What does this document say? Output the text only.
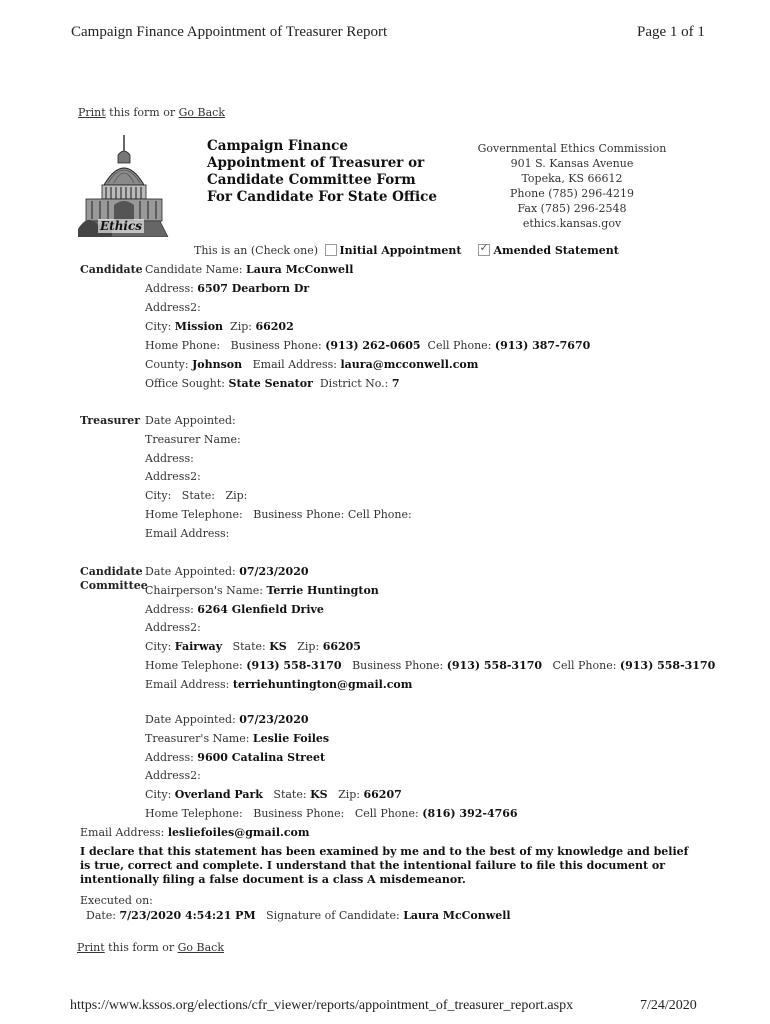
Campaign Finance Appointment of Treasurer Report	Page 1 of 1
Print this form or Go Back
Ethics
Campaign Finance
Appointment of Treasurer or
Candidate Committee Form
For Candidate For State Office
Governmental Ethics Commission
901 S. Kansas Avenue
Topeka, KS 66612
Phone (785) 296-4219
Fax (785) 296-2548
ethics.kansas.gov
This is an (Check one) Initial Appointment    ✓	Amended Statement
Candidate Candidate Name: Laura McConwell
Address: 6507 Dearborn Dr
Address2:
City: Mission Zip: 66202
Home Phone: Business Phone: (913) 262-0605 Cell Phone: (913) 387-7670
County: Johnson Email Address: laura@mcconwell.com
Office Sought: State Senator District No.: 7
Treasurer Date Appointed:
Treasurer Name:
Address:
Address2:
City: State: Zip:
Home Telephone: Business Phone: Cell Phone:
Email Address:
Candidate
Committee
Date Appointed: 07/23/2020
Chairperson's Name: Terrie Huntington
Address: 6264 Glenfield Drive
Address2:
City: Fairway State: KS Zip: 66205
Home Telephone: (913) 558-3170 Business Phone: (913) 558-3170 Cell Phone: (913) 558-3170
Email Address: terriehuntington@gmail.com
Date Appointed: 07/23/2020
Treasurer's Name: Leslie Foiles
Address: 9600 Catalina Street
Address2:
City: Overland Park State: KS Zip: 66207
Home Telephone: Business Phone: Cell Phone: (816) 392-4766
Email Address: lesliefoiles@gmail.com
I declare that this statement has been examined by me and to the best of my knowledge and belief is true, correct and complete. I understand that the intentional failure to file this document or intentionally filing a false document is a class A misdemeanor.
Executed on:
Date: 7/23/2020 4:54:21 PM Signature of Candidate: Laura McConwell
Print this form or Go Back
https://www.kssos.org/elections/cfr_viewer/reports/appointment_of_treasurer_report.aspx	7/24/2020
